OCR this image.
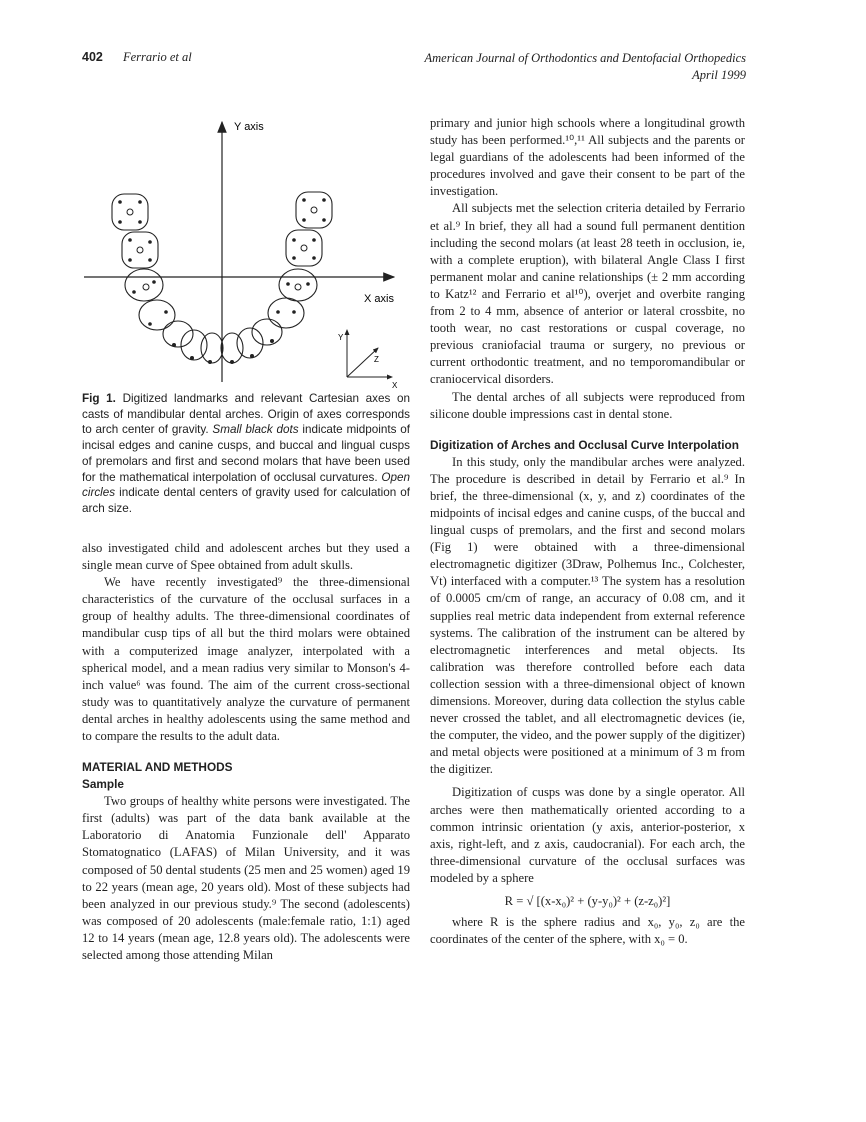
402 Ferrario et al	American Journal of Orthodontics and Dentofacial Orthopedics
April 1999
Y axis
X axis
Y
Z
X
Fig 1. Digitized landmarks and relevant Cartesian axes on casts of mandibular dental arches. Origin of axes corresponds to arch center of gravity. Small black dots indicate midpoints of incisal edges and canine cusps, and buccal and lingual cusps of premolars and first and second molars that have been used for the mathematical interpolation of occlusal curvatures. Open circles indicate dental centers of gravity used for calculation of arch size.

also investigated child and adolescent arches but they used a single mean curve of Spee obtained from adult skulls.

We have recently investigated⁹ the three-dimensional characteristics of the curvature of the occlusal surfaces in a group of healthy adults. The three-dimensional coordinates of mandibular cusp tips of all but the third molars were obtained with a computerized image analyzer, interpolated with a spherical model, and a mean radius very similar to Monson's 4-inch value⁶ was found. The aim of the current cross-sectional study was to quantitatively analyze the curvature of permanent dental arches in healthy adolescents using the same method and to compare the results to the adult data.

MATERIAL AND METHODS
Sample

Two groups of healthy white persons were investigated. The first (adults) was part of the data bank available at the Laboratorio di Anatomia Funzionale dell' Apparato Stomatognatico (LAFAS) of Milan University, and it was composed of 50 dental students (25 men and 25 women) aged 19 to 22 years (mean age, 20 years old). Most of these subjects had been analyzed in our previous study.⁹ The second (adolescents) was composed of 20 adolescents (male:female ratio, 1:1) aged 12 to 14 years (mean age, 12.8 years old). The adolescents were selected among those attending Milan

primary and junior high schools where a longitudinal growth study has been performed.¹⁰,¹¹ All subjects and the parents or legal guardians of the adolescents had been informed of the procedures involved and gave their consent to be part of the investigation.

All subjects met the selection criteria detailed by Ferrario et al.⁹ In brief, they all had a sound full permanent dentition including the second molars (at least 28 teeth in occlusion, ie, with a complete eruption), with bilateral Angle Class I first permanent molar and canine relationships (± 2 mm according to Katz¹² and Ferrario et al¹⁰), overjet and overbite ranging from 2 to 4 mm, absence of anterior or lateral crossbite, no tooth wear, no cast restorations or cuspal coverage, no previous craniofacial trauma or surgery, no previous or current orthodontic treatment, and no temporomandibular or craniocervical disorders.

The dental arches of all subjects were reproduced from silicone double impressions cast in dental stone.

Digitization of Arches and Occlusal Curve Interpolation

In this study, only the mandibular arches were analyzed. The procedure is described in detail by Ferrario et al.⁹ In brief, the three-dimensional (x, y, and z) coordinates of the midpoints of incisal edges and canine cusps, of the buccal and lingual cusps of premolars, and the first and second molars (Fig 1) were obtained with a three-dimensional electromagnetic digitizer (3Draw, Polhemus Inc., Colchester, Vt) interfaced with a computer.¹³ The system has a resolution of 0.0005 cm/cm of range, an accuracy of 0.08 cm, and it supplies real metric data independent from external reference systems. The calibration of the instrument can be altered by electromagnetic interferences and metal objects. Its calibration was therefore controlled before each data collection session with a three-dimensional object of known dimensions. Moreover, during data collection the stylus cable never crossed the tablet, and all electromagnetic devices (ie, the computer, the video, and the power supply of the digitizer) and metal objects were positioned at a minimum of 3 m from the digitizer.

Digitization of cusps was done by a single operator. All arches were then mathematically oriented according to a common intrinsic orientation (y axis, anterior-posterior, x axis, right-left, and z axis, caudocranial). For each arch, the three-dimensional curvature of the occlusal surfaces was modeled by a sphere

R = √ [(x-x₀)² + (y-y₀)² + (z-z₀)²]

where R is the sphere radius and x₀, y₀, z₀ are the coordinates of the center of the sphere, with x₀ = 0.
